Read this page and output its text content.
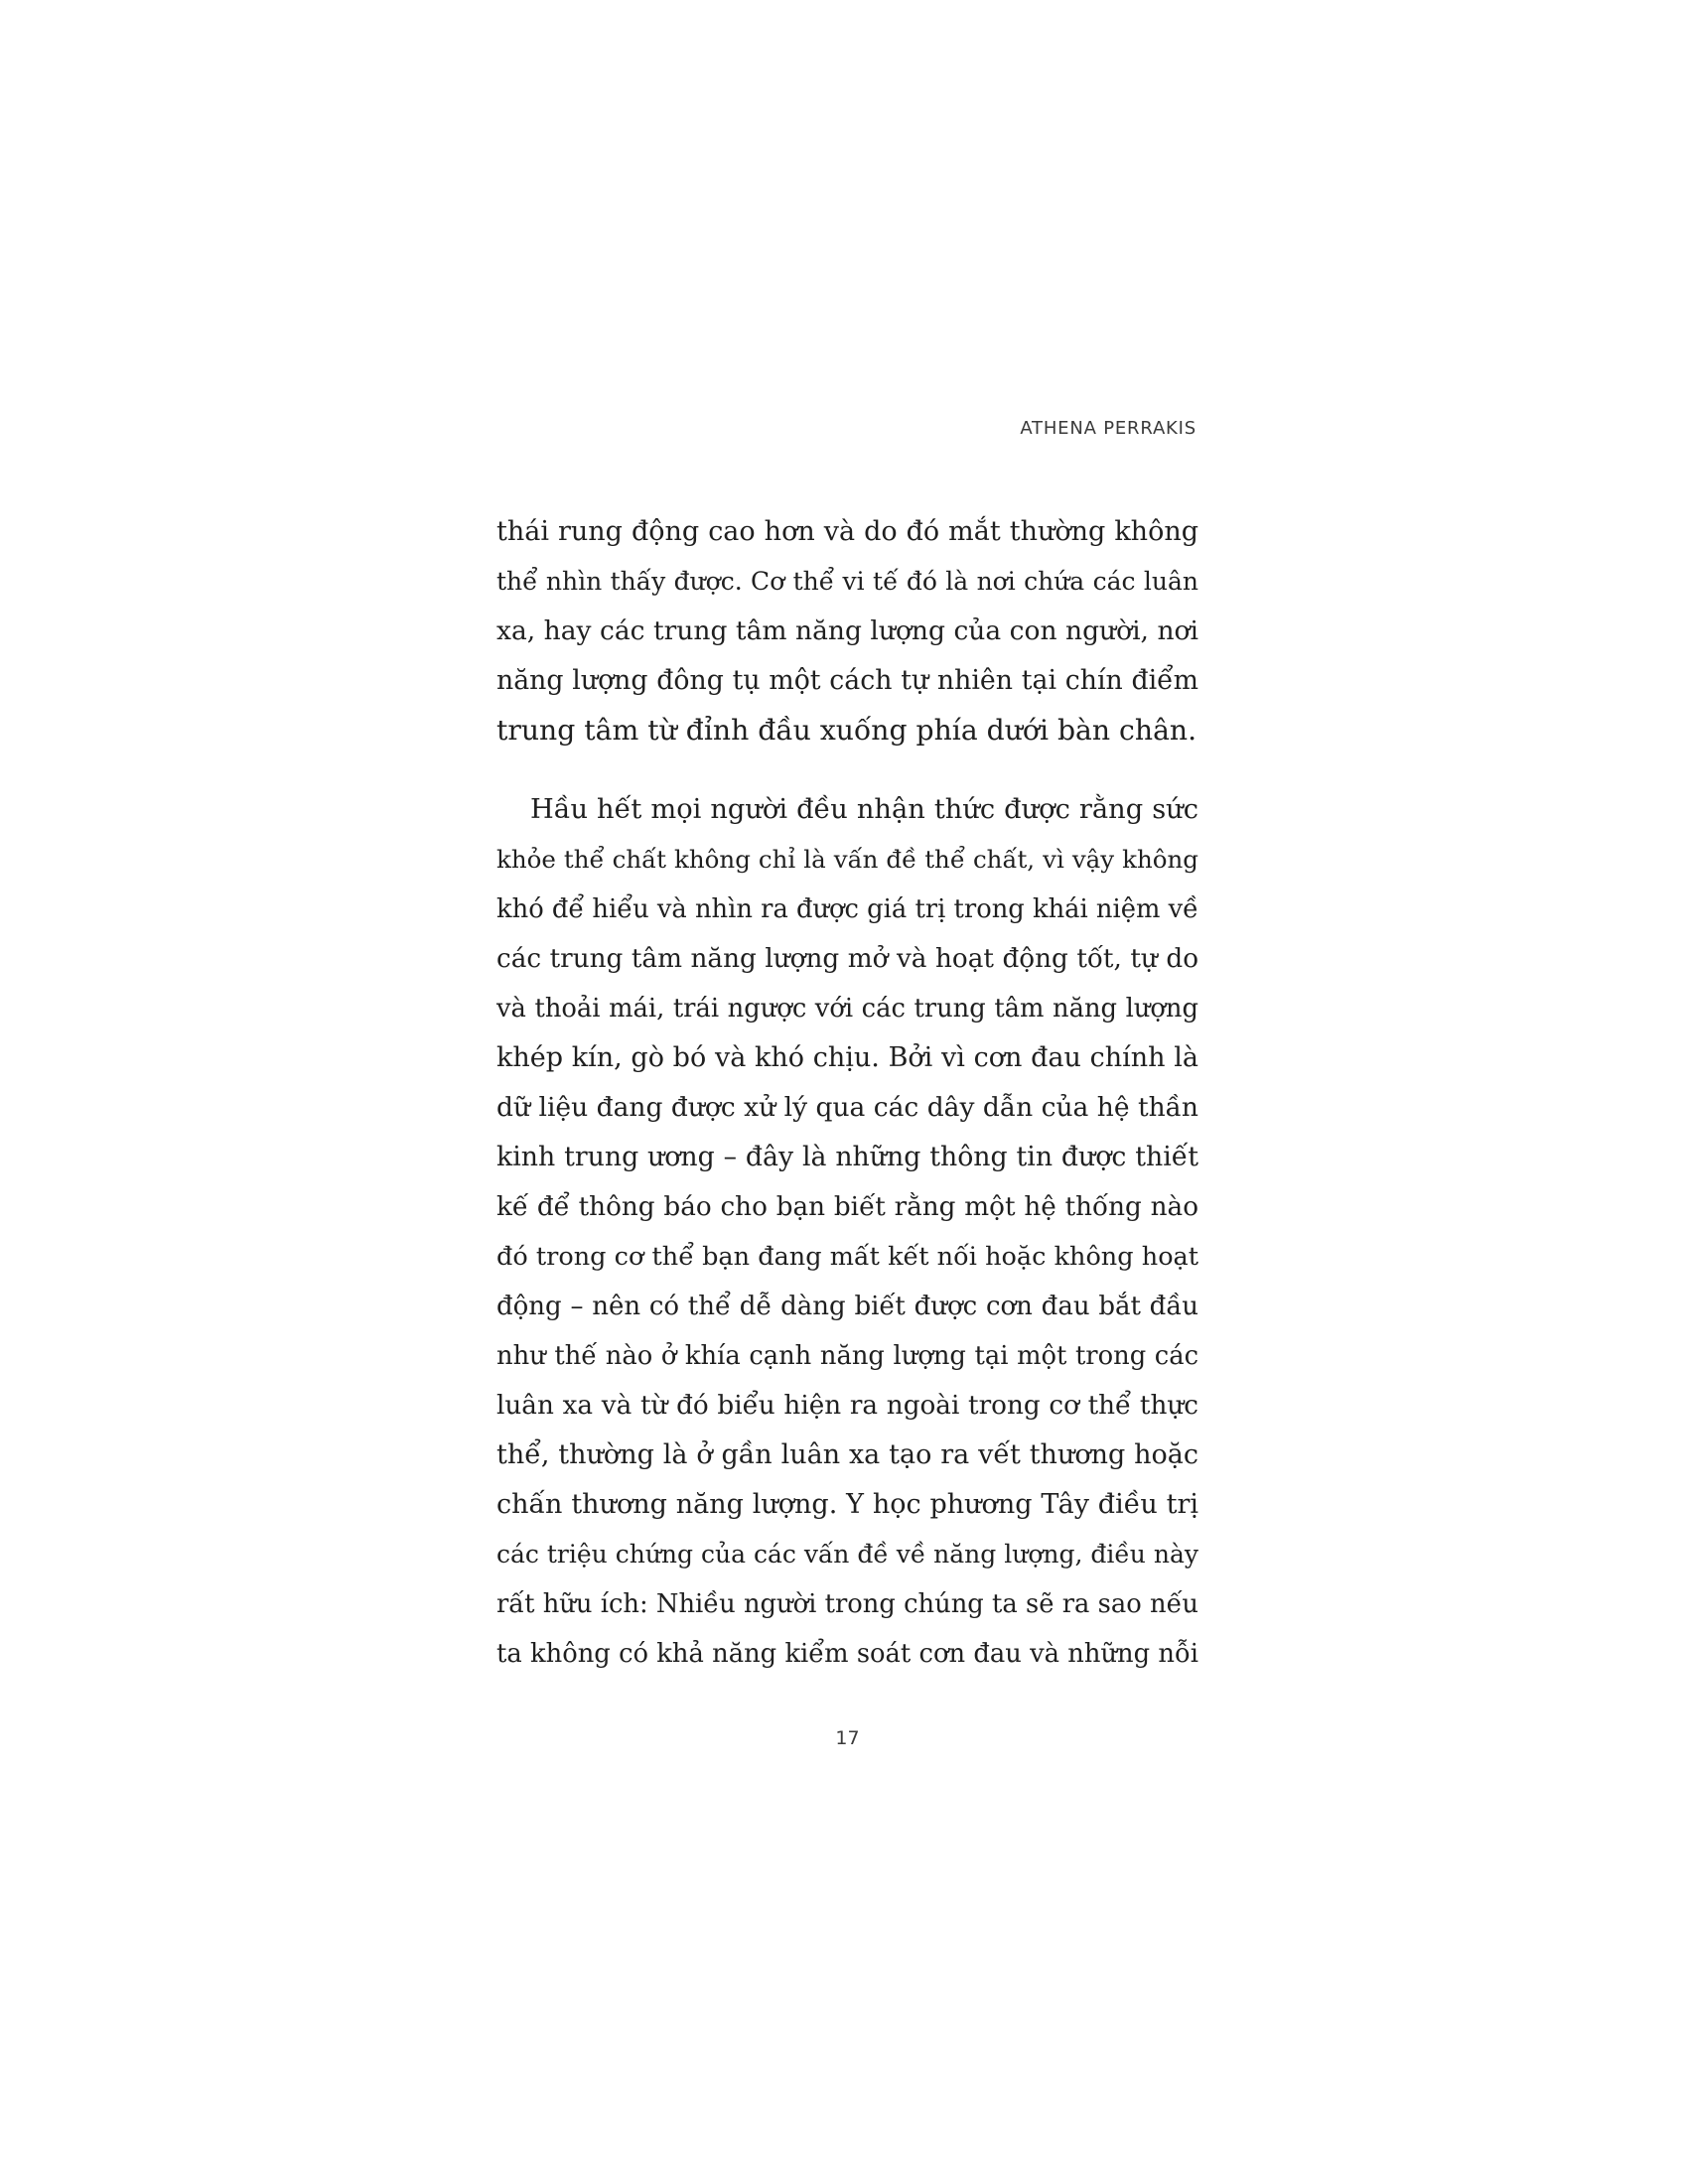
ATHENA PERRAKIS
thái rung động cao hơn và do đó mắt thường không
thể nhìn thấy được. Cơ thể vi tế đó là nơi chứa các luân
xa, hay các trung tâm năng lượng của con người, nơi
năng lượng đông tụ một cách tự nhiên tại chín điểm
trung tâm từ đỉnh đầu xuống phía dưới bàn chân.
Hầu hết mọi người đều nhận thức được rằng sức
khỏe thể chất không chỉ là vấn đề thể chất, vì vậy không
khó để hiểu và nhìn ra được giá trị trong khái niệm về
các trung tâm năng lượng mở và hoạt động tốt, tự do
và thoải mái, trái ngược với các trung tâm năng lượng
khép kín, gò bó và khó chịu. Bởi vì cơn đau chính là
dữ liệu đang được xử lý qua các dây dẫn của hệ thần
kinh trung ương – đây là những thông tin được thiết
kế để thông báo cho bạn biết rằng một hệ thống nào
đó trong cơ thể bạn đang mất kết nối hoặc không hoạt
động – nên có thể dễ dàng biết được cơn đau bắt đầu
như thế nào ở khía cạnh năng lượng tại một trong các
luân xa và từ đó biểu hiện ra ngoài trong cơ thể thực
thể, thường là ở gần luân xa tạo ra vết thương hoặc
chấn thương năng lượng. Y học phương Tây điều trị
các triệu chứng của các vấn đề về năng lượng, điều này
rất hữu ích: Nhiều người trong chúng ta sẽ ra sao nếu
ta không có khả năng kiểm soát cơn đau và những nỗi
17
